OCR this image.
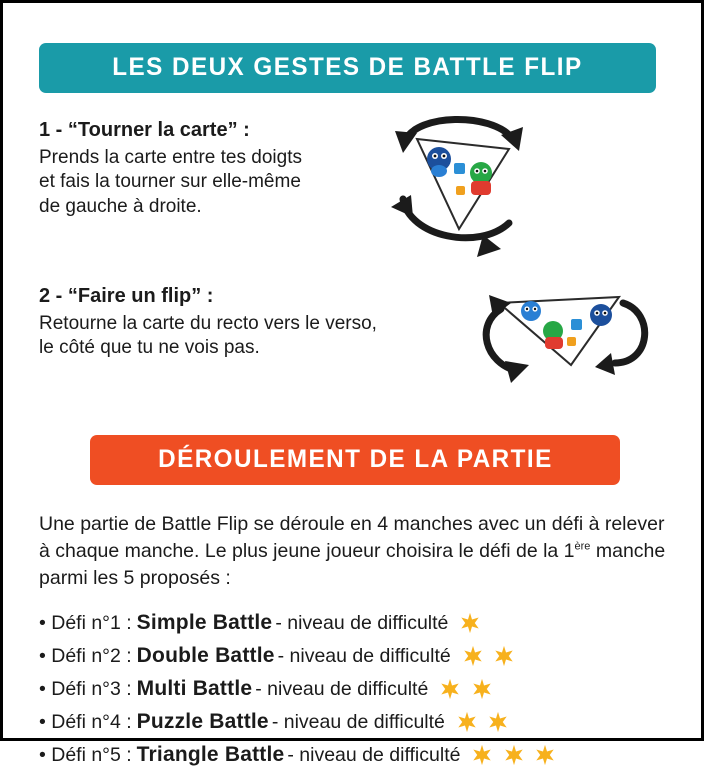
LES DEUX GESTES DE BATTLE FLIP

1 - “Tourner la carte” :

Prends la carte entre tes doigts
et fais la tourner sur elle-même
de gauche à droite.

2 - “Faire un flip” :

Retourne la carte du recto vers le verso,
le côté que tu ne vois pas.
DÉROULEMENT DE LA PARTIE

Une partie de Battle Flip se déroule en 4 manches avec un défi à relever à chaque manche. Le plus jeune joueur choisira le défi de la 1ère manche parmi les 5 proposés :

• Défi n°1 : Simple Battle - niveau de difficulté
• Défi n°2 : Double Battle - niveau de difficulté

• Défi n°3 : Multi Battle - niveau de difficulté

• Défi n°4 : Puzzle Battle - niveau de difficulté

• Défi n°5 : Triangle Battle - niveau de difficulté
